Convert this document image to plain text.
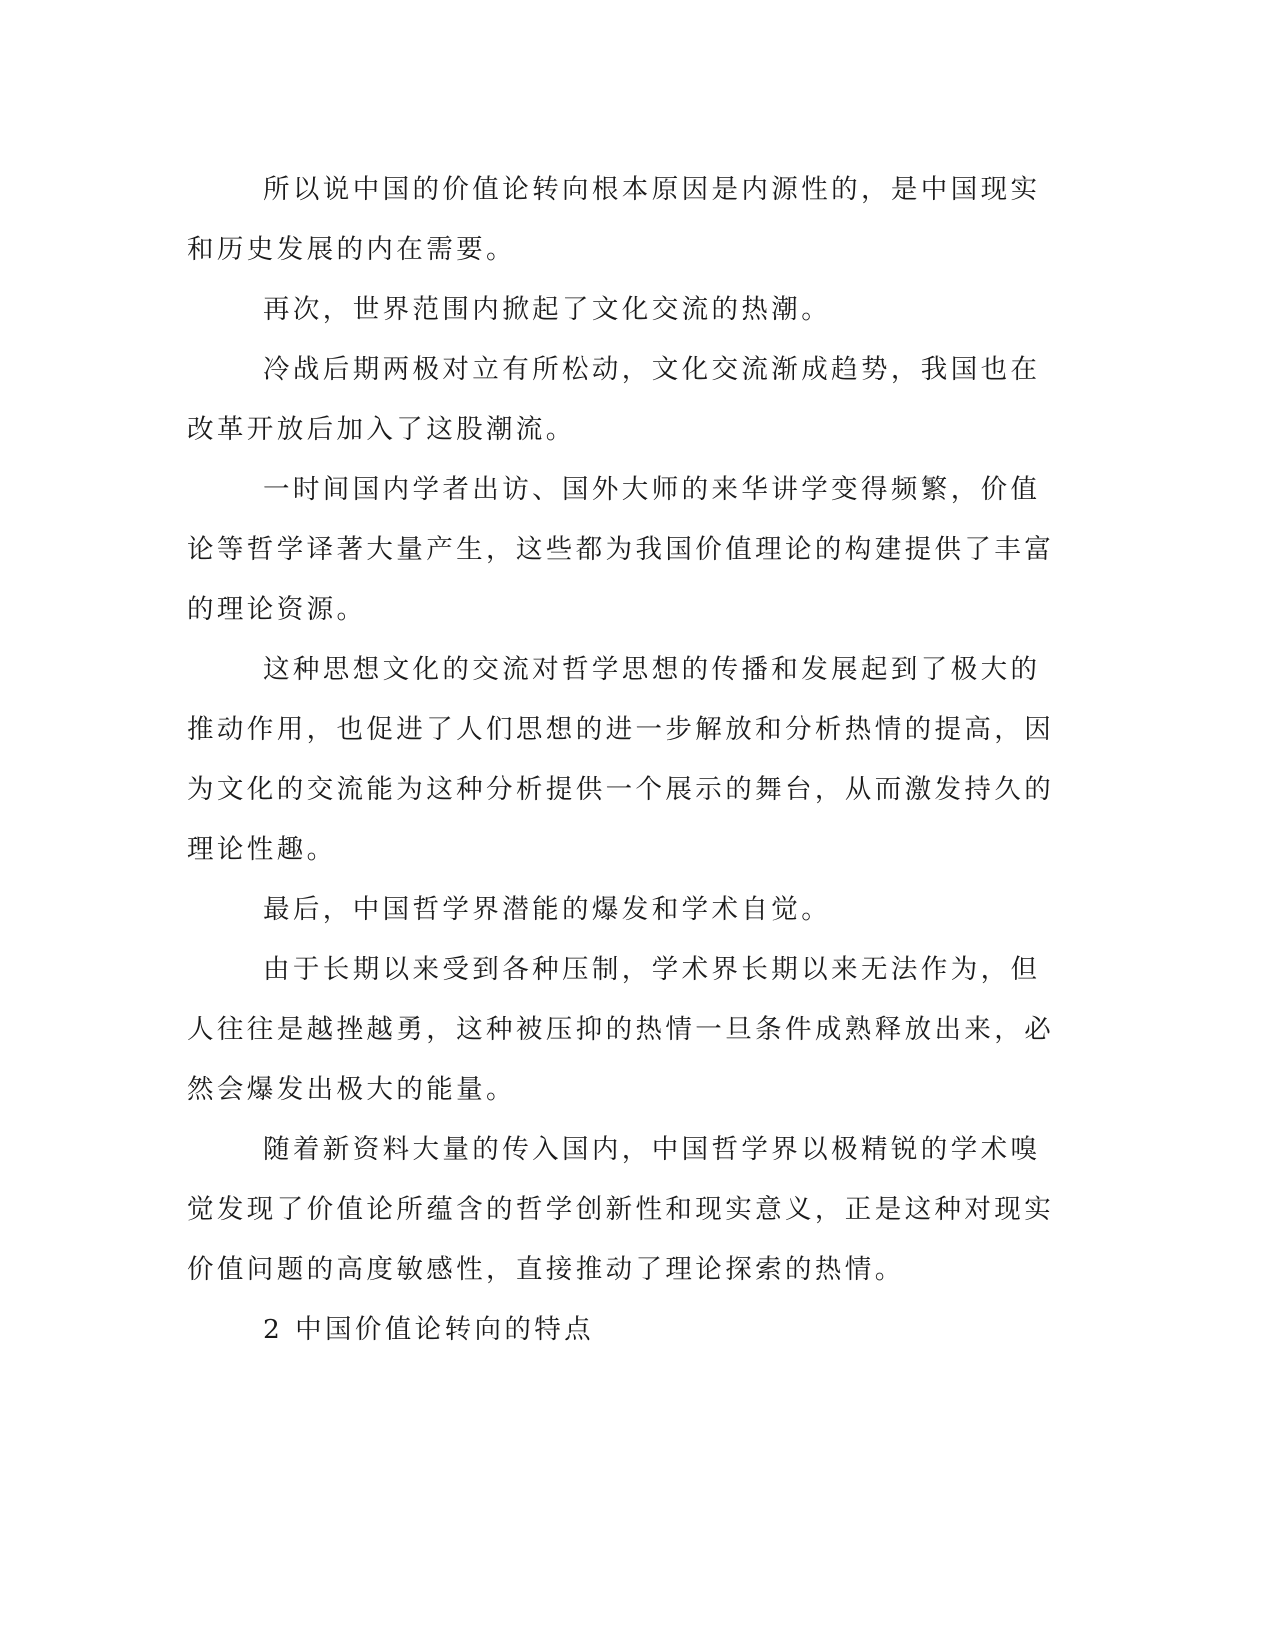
所以说中国的价值论转向根本原因是内源性的，是中国现实和历史发展的内在需要。

再次，世界范围内掀起了文化交流的热潮。

冷战后期两极对立有所松动，文化交流渐成趋势，我国也在改革开放后加入了这股潮流。

一时间国内学者出访、国外大师的来华讲学变得频繁，价值论等哲学译著大量产生，这些都为我国价值理论的构建提供了丰富的理论资源。

这种思想文化的交流对哲学思想的传播和发展起到了极大的推动作用，也促进了人们思想的进一步解放和分析热情的提高，因为文化的交流能为这种分析提供一个展示的舞台，从而激发持久的理论性趣。

最后，中国哲学界潜能的爆发和学术自觉。

由于长期以来受到各种压制，学术界长期以来无法作为，但人往往是越挫越勇，这种被压抑的热情一旦条件成熟释放出来，必然会爆发出极大的能量。

随着新资料大量的传入国内，中国哲学界以极精锐的学术嗅觉发现了价值论所蕴含的哲学创新性和现实意义，正是这种对现实价值问题的高度敏感性，直接推动了理论探索的热情。

2 中国价值论转向的特点
